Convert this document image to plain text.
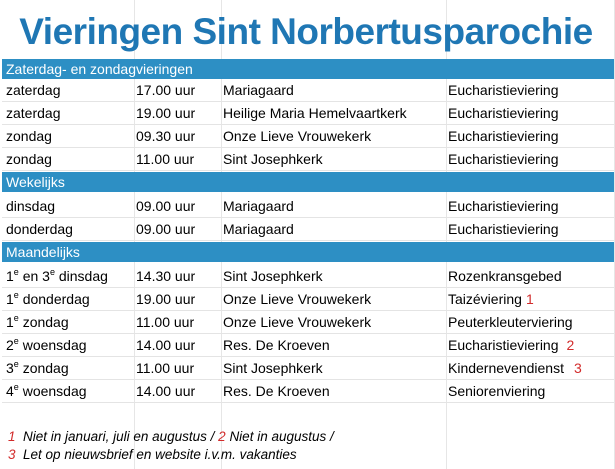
Vieringen Sint Norbertusparochie
Zaterdag- en zondagvieringen
zaterdag	17.00 uur Mariagaard	Eucharistieviering
zaterdag	19.00 uur Heilige Maria Hemelvaartkerk	Eucharistieviering
zondag	09.30 uur Onze Lieve Vrouwekerk	Eucharistieviering
zondag	11.00 uur Sint Josephkerk	Eucharistieviering
Wekelijks
dinsdag	09.00 uur Mariagaard	Eucharistieviering
donderdag	09.00 uur Mariagaard	Eucharistieviering
Maandelijks
1e en 3e dinsdag 14.30 uur Sint Josephkerk	Rozenkransgebed
1e donderdag	19.00 uur Onze Lieve Vrouwekerk	Taizéviering 1
1e zondag	11.00 uur Onze Lieve Vrouwekerk	Peuterkleuterviering
2e woensdag	14.00 uur Res. De Kroeven	Eucharistieviering 2
3e zondag	11.00 uur Sint Josephkerk	Kindernevendienst 3
4e woensdag	14.00 uur Res. De Kroeven	Seniorenviering
1 Niet in januari, juli en augustus / 2 Niet in augustus /
3 Let op nieuwsbrief en website i.v.m. vakanties
